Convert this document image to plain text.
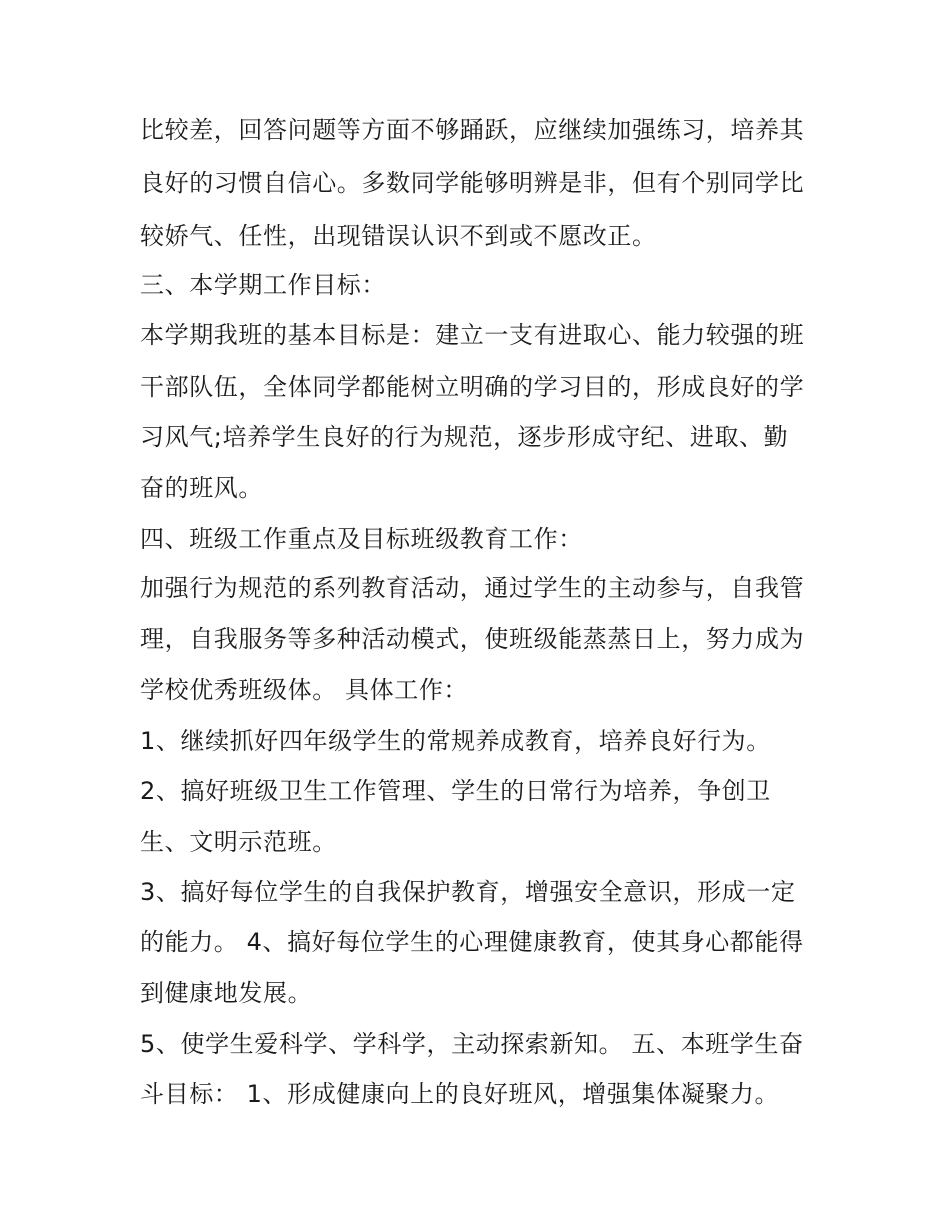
比较差，回答问题等方面不够踊跃，应继续加强练习，培养其

良好的习惯自信心。多数同学能够明辨是非，但有个别同学比

较娇气、任性，出现错误认识不到或不愿改正。

三、本学期工作目标：

本学期我班的基本目标是：建立一支有进取心、能力较强的班

干部队伍，全体同学都能树立明确的学习目的，形成良好的学

习风气;培养学生良好的行为规范，逐步形成守纪、进取、勤

奋的班风。

四、班级工作重点及目标班级教育工作：

加强行为规范的系列教育活动，通过学生的主动参与，自我管

理，自我服务等多种活动模式，使班级能蒸蒸日上，努力成为

学校优秀班级体。 具体工作：

1、继续抓好四年级学生的常规养成教育，培养良好行为。

2、搞好班级卫生工作管理、学生的日常行为培养，争创卫

生、文明示范班。

3、搞好每位学生的自我保护教育，增强安全意识，形成一定

的能力。 4、搞好每位学生的心理健康教育，使其身心都能得

到健康地发展。

5、使学生爱科学、学科学，主动探索新知。 五、本班学生奋

斗目标： 1、形成健康向上的良好班风，增强集体凝聚力。
